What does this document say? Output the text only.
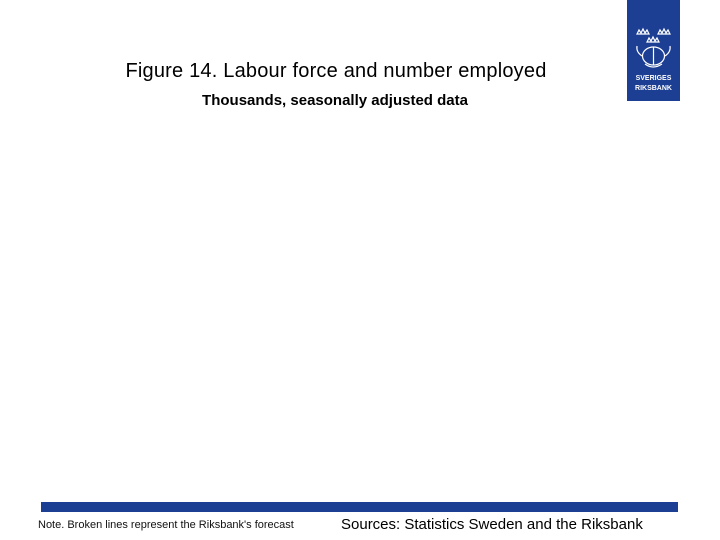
Figure 14. Labour force and number employed
Thousands, seasonally adjusted data
SVERIGES
RIKSBANK
Note. Broken lines represent the Riksbank's forecast	Sources: Statistics Sweden and the Riksbank
